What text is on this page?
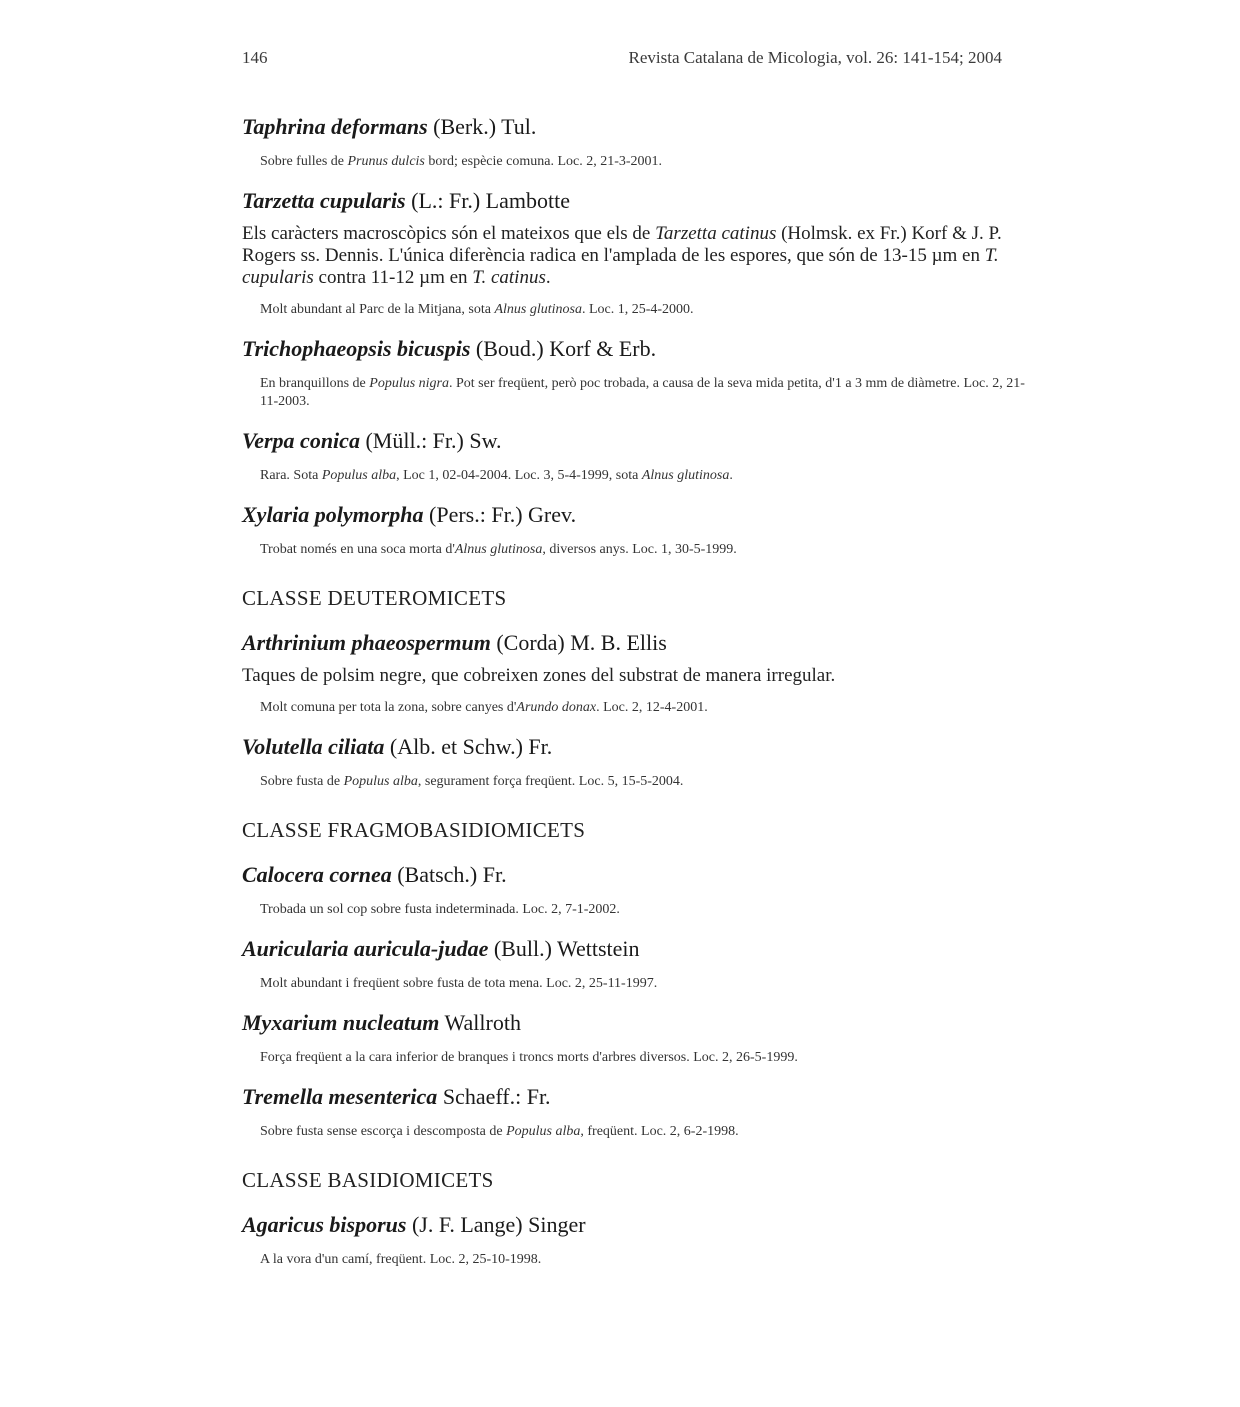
146	Revista Catalana de Micologia, vol. 26: 141-154; 2004
Taphrina deformans (Berk.) Tul.
Sobre fulles de Prunus dulcis bord; espècie comuna. Loc. 2, 21-3-2001.
Tarzetta cupularis (L.: Fr.) Lambotte
Els caràcters macroscòpics són el mateixos que els de Tarzetta catinus (Holmsk. ex Fr.) Korf & J. P. Rogers ss. Dennis. L'única diferència radica en l'amplada de les espores, que són de 13-15 µm en T. cupularis contra 11-12 µm en T. catinus.
Molt abundant al Parc de la Mitjana, sota Alnus glutinosa. Loc. 1, 25-4-2000.
Trichophaeopsis bicuspis (Boud.) Korf & Erb.
En branquillons de Populus nigra. Pot ser freqüent, però poc trobada, a causa de la seva mida petita, d'1 a 3 mm de diàmetre. Loc. 2, 21-11-2003.
Verpa conica (Müll.: Fr.) Sw.
Rara. Sota Populus alba, Loc 1, 02-04-2004. Loc. 3, 5-4-1999, sota Alnus glutinosa.
Xylaria polymorpha (Pers.: Fr.) Grev.
Trobat només en una soca morta d'Alnus glutinosa, diversos anys. Loc. 1, 30-5-1999.
CLASSE DEUTEROMICETS
Arthrinium phaeospermum (Corda) M. B. Ellis
Taques de polsim negre, que cobreixen zones del substrat de manera irregular.
Molt comuna per tota la zona, sobre canyes d'Arundo donax. Loc. 2, 12-4-2001.
Volutella ciliata (Alb. et Schw.) Fr.
Sobre fusta de Populus alba, segurament força freqüent. Loc. 5, 15-5-2004.
CLASSE FRAGMOBASIDIOMICETS
Calocera cornea (Batsch.) Fr.
Trobada un sol cop sobre fusta indeterminada. Loc. 2, 7-1-2002.
Auricularia auricula-judae (Bull.) Wettstein
Molt abundant i freqüent sobre fusta de tota mena. Loc. 2, 25-11-1997.
Myxarium nucleatum Wallroth
Força freqüent a la cara inferior de branques i troncs morts d'arbres diversos. Loc. 2, 26-5-1999.
Tremella mesenterica Schaeff.: Fr.
Sobre fusta sense escorça i descomposta de Populus alba, freqüent. Loc. 2, 6-2-1998.
CLASSE BASIDIOMICETS
Agaricus bisporus (J. F. Lange) Singer
A la vora d'un camí, freqüent. Loc. 2, 25-10-1998.
